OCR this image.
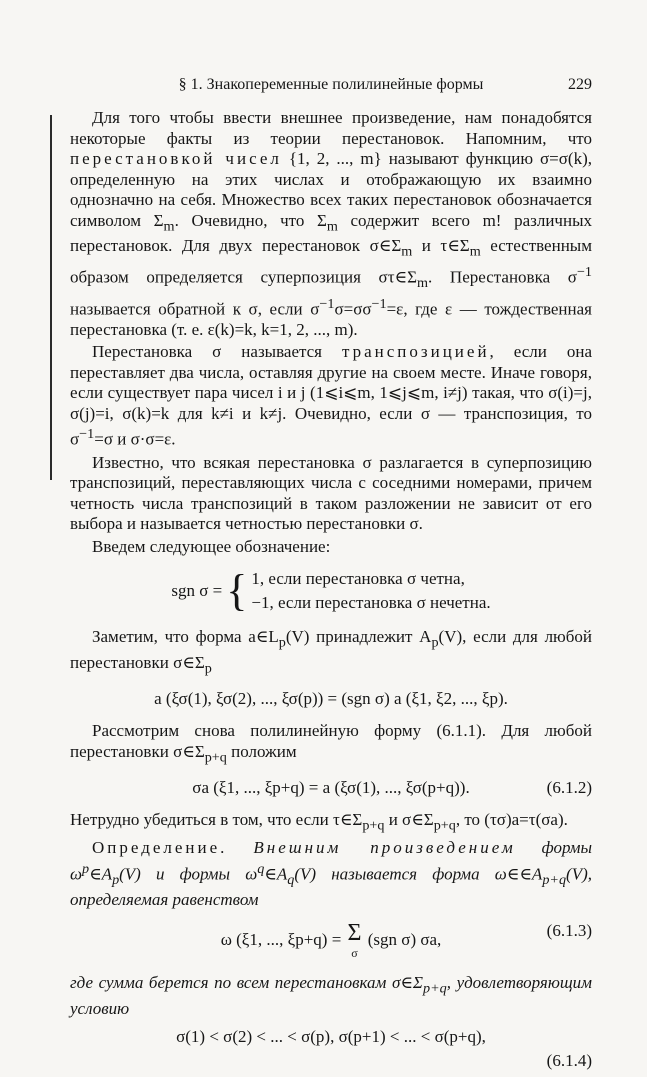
§ 1. Знакопеременные полилинейные формы	229

Для того чтобы ввести внешнее произведение, нам понадобятся некоторые факты из теории перестановок. Напомним, что перестановкой чисел {1, 2, ..., m} называют функцию σ=σ(k), определенную на этих числах и отображающую их взаимно однозначно на себя. Множество всех таких перестановок обозначается символом $\Sigma_m$. Очевидно, что $\Sigma_m$ содержит всего m! различных перестановок. Для двух перестановок $\sigma\in\Sigma_m$ и $\tau\in\Sigma_m$ естественным образом определяется суперпозиция $\sigma\tau\in\Sigma_m$. Перестановка $\sigma^{-1}$ называется обратной к σ, если $\sigma^{-1}\sigma=\sigma\sigma^{-1}=\varepsilon$, где ε — тождественная перестановка (т. е. ε(k)=k, k=1, 2, ..., m).

Перестановка σ называется транспозицией, если она переставляет два числа, оставляя другие на своем месте. Иначе говоря, если существует пара чисел i и j (1⩽i⩽m, 1⩽j⩽m, i≠j) такая, что σ(i)=j, σ(j)=i, σ(k)=k для k≠i и k≠j. Очевидно, если σ — транспозиция, то $\sigma^{-1}=\sigma$ и σ·σ=ε.

Известно, что всякая перестановка σ разлагается в суперпозицию транспозиций, переставляющих числа с соседними номерами, причем четность числа транспозиций в таком разложении не зависит от его выбора и называется четностью перестановки σ.

Введем следующее обозначение:

sgn σ = { 1, если перестановка σ четна,
−1, если перестановка σ нечетна.

Заметим, что форма $a\in L_p(V)$ принадлежит $A_p(V)$, если для любой перестановки $\sigma\in\Sigma_p$

a (ξ​σ(1), ξ​σ(2), ..., ξ​σ(p)) = (sgn σ) a (ξ​1, ξ​2, ..., ξ​p).

Рассмотрим снова полилинейную форму (6.1.1). Для любой перестановки $\sigma\in\Sigma_{p+q}$ положим

σa (ξ1, ..., ξp+q) = a (ξσ(1), ..., ξσ(p+q)).	(6.1.2)

Нетрудно убедиться в том, что если $\tau\in\Sigma_{p+q}$ и $\sigma\in\Sigma_{p+q}$, то (τσ)a=τ(σa).

Определение. Внешним произведением формы $\omega^p\in A_p(V)$ и формы $\omega^q\in A_q(V)$ называется форма $\omega\in\in A_{p+q}(V)$, определяемая равенством

ω (ξ1, ..., ξp+q) = Σ
σ
(sgn σ) σa,	(6.1.3)

где сумма берется по всем перестановкам $\sigma\in\Sigma_{p+q}$, удовлетворяющим условию

σ(1) < σ(2) < ... < σ(p), σ(p+1) < ... < σ(p+q),
(6.1.4)
